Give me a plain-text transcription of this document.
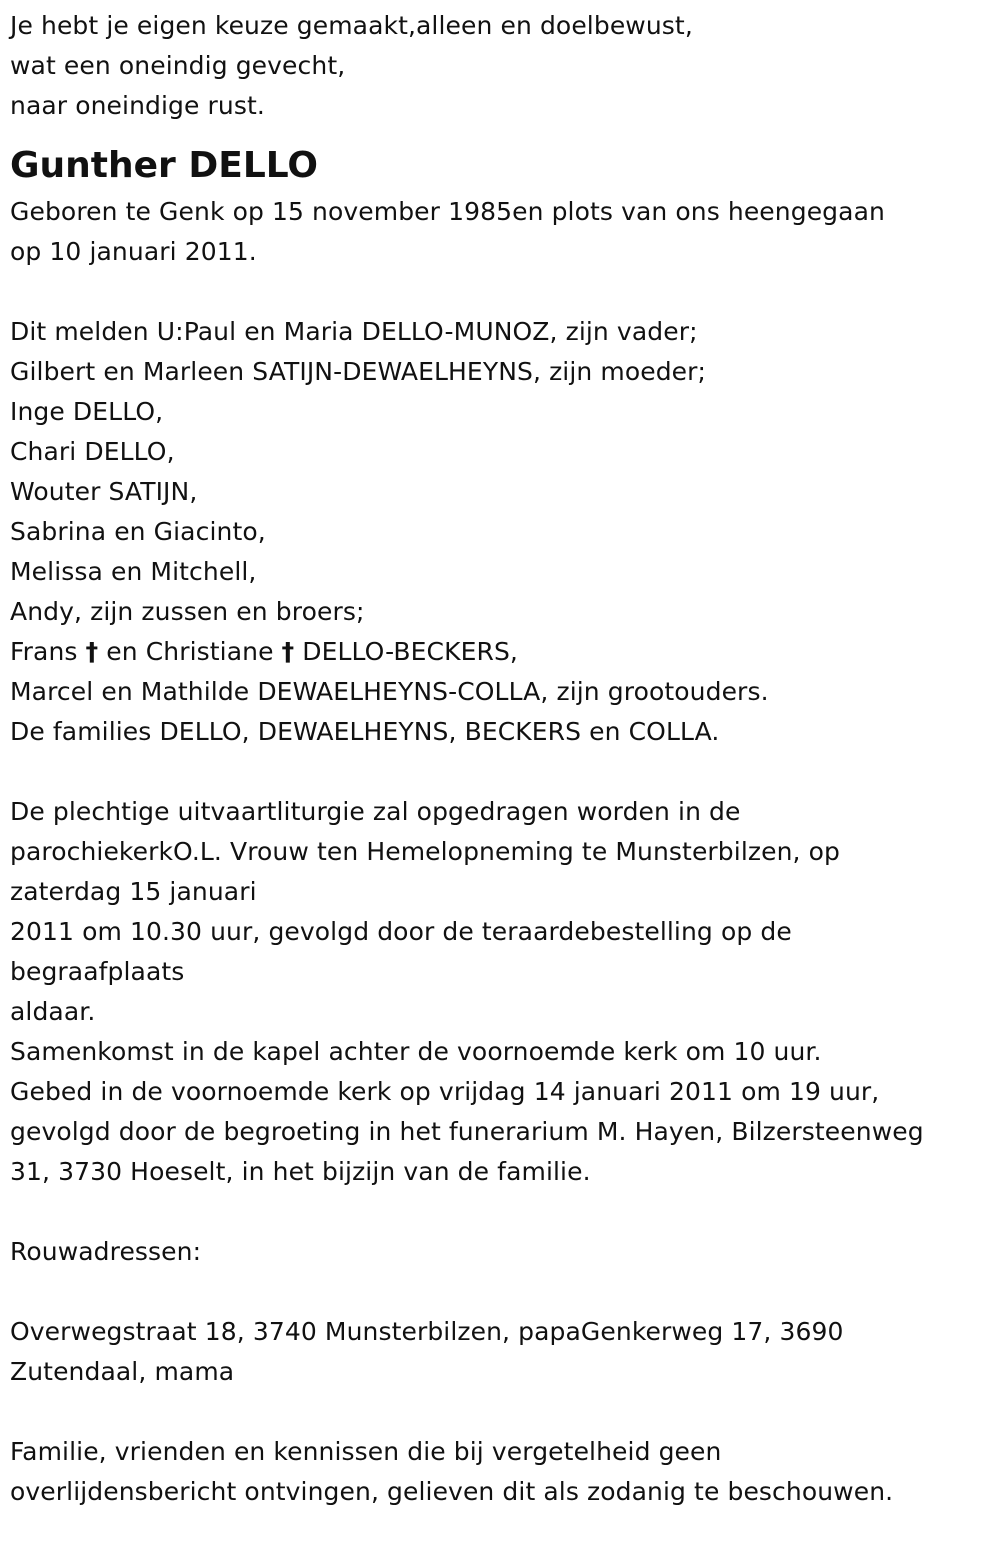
Je hebt je eigen keuze gemaakt,alleen en doelbewust,
wat een oneindig gevecht,
naar oneindige rust.
Gunther DELLO
Geboren te Genk op 15 november 1985en plots van ons heengegaan
op 10 januari 2011.
Dit melden U:Paul en Maria DELLO-MUNOZ, zijn vader;
Gilbert en Marleen SATIJN-DEWAELHEYNS, zijn moeder;
Inge DELLO,
Chari DELLO,
Wouter SATIJN,
Sabrina en Giacinto,
Melissa en Mitchell,
Andy, zijn zussen en broers;
Frans † en Christiane † DELLO-BECKERS,
Marcel en Mathilde DEWAELHEYNS-COLLA, zijn grootouders.
De families DELLO, DEWAELHEYNS, BECKERS en COLLA.
De plechtige uitvaartliturgie zal opgedragen worden in de
parochiekerkO.L. Vrouw ten Hemelopneming te Munsterbilzen, op
zaterdag 15 januari
2011 om 10.30 uur, gevolgd door de teraardebestelling op de
begraafplaats
aldaar.
Samenkomst in de kapel achter de voornoemde kerk om 10 uur.
Gebed in de voornoemde kerk op vrijdag 14 januari 2011 om 19 uur,
gevolgd door de begroeting in het funerarium M. Hayen, Bilzersteenweg
31, 3730 Hoeselt, in het bijzijn van de familie.
Rouwadressen:
Overwegstraat 18, 3740 Munsterbilzen, papaGenkerweg 17, 3690
Zutendaal, mama
Familie, vrienden en kennissen die bij vergetelheid geen
overlijdensbericht ontvingen, gelieven dit als zodanig te beschouwen.
